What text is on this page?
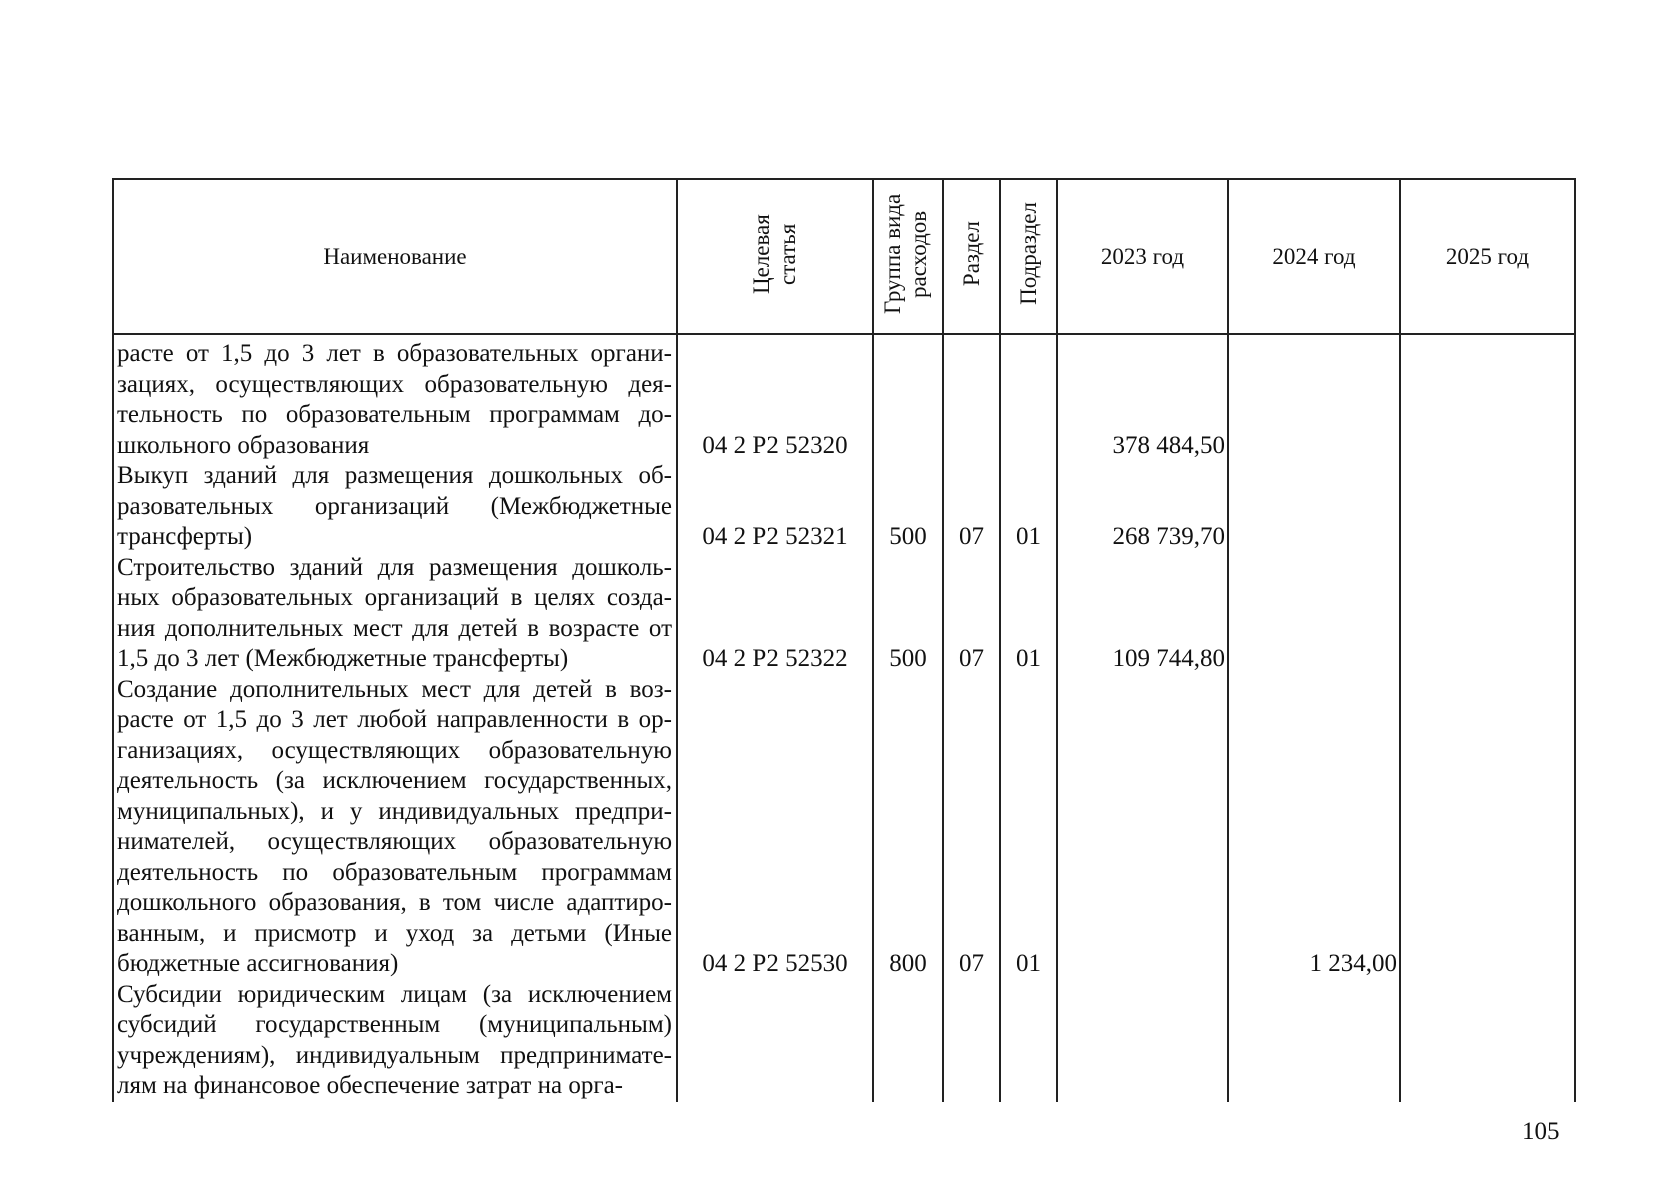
Наименование	Целевая статья	Группа вида расходов	Раздел	Подраздел	2023 год	2024 год	2025 год
расте от 1,5 до 3 лет в образовательных организациях, осуществляющих образовательную деятельность по образовательным программам дошкольного образования	04 2 Р2 52320				378 484,50		
Выкуп зданий для размещения дошкольных образовательных организаций (Межбюджетные трансферты)	04 2 Р2 52321	500	07	01	268 739,70		
Строительство зданий для размещения дошкольных образовательных организаций в целях создания дополнительных мест для детей в возрасте от 1,5 до 3 лет (Межбюджетные трансферты)	04 2 Р2 52322	500	07	01	109 744,80		
Создание дополнительных мест для детей в возрасте от 1,5 до 3 лет любой направленности в организациях, осуществляющих образовательную деятельность (за исключением государственных, муниципальных), и у индивидуальных предпринимателей, осуществляющих образовательную деятельность по образовательным программам дошкольного образования, в том числе адаптированным, и присмотр и уход за детьми (Иные бюджетные ассигнования)	04 2 Р2 52530	800	07	01		1 234,00	
Субсидии юридическим лицам (за исключением субсидий государственным (муниципальным) учреждениям), индивидуальным предпринимателям на финансовое обеспечение затрат на орга-							
105
